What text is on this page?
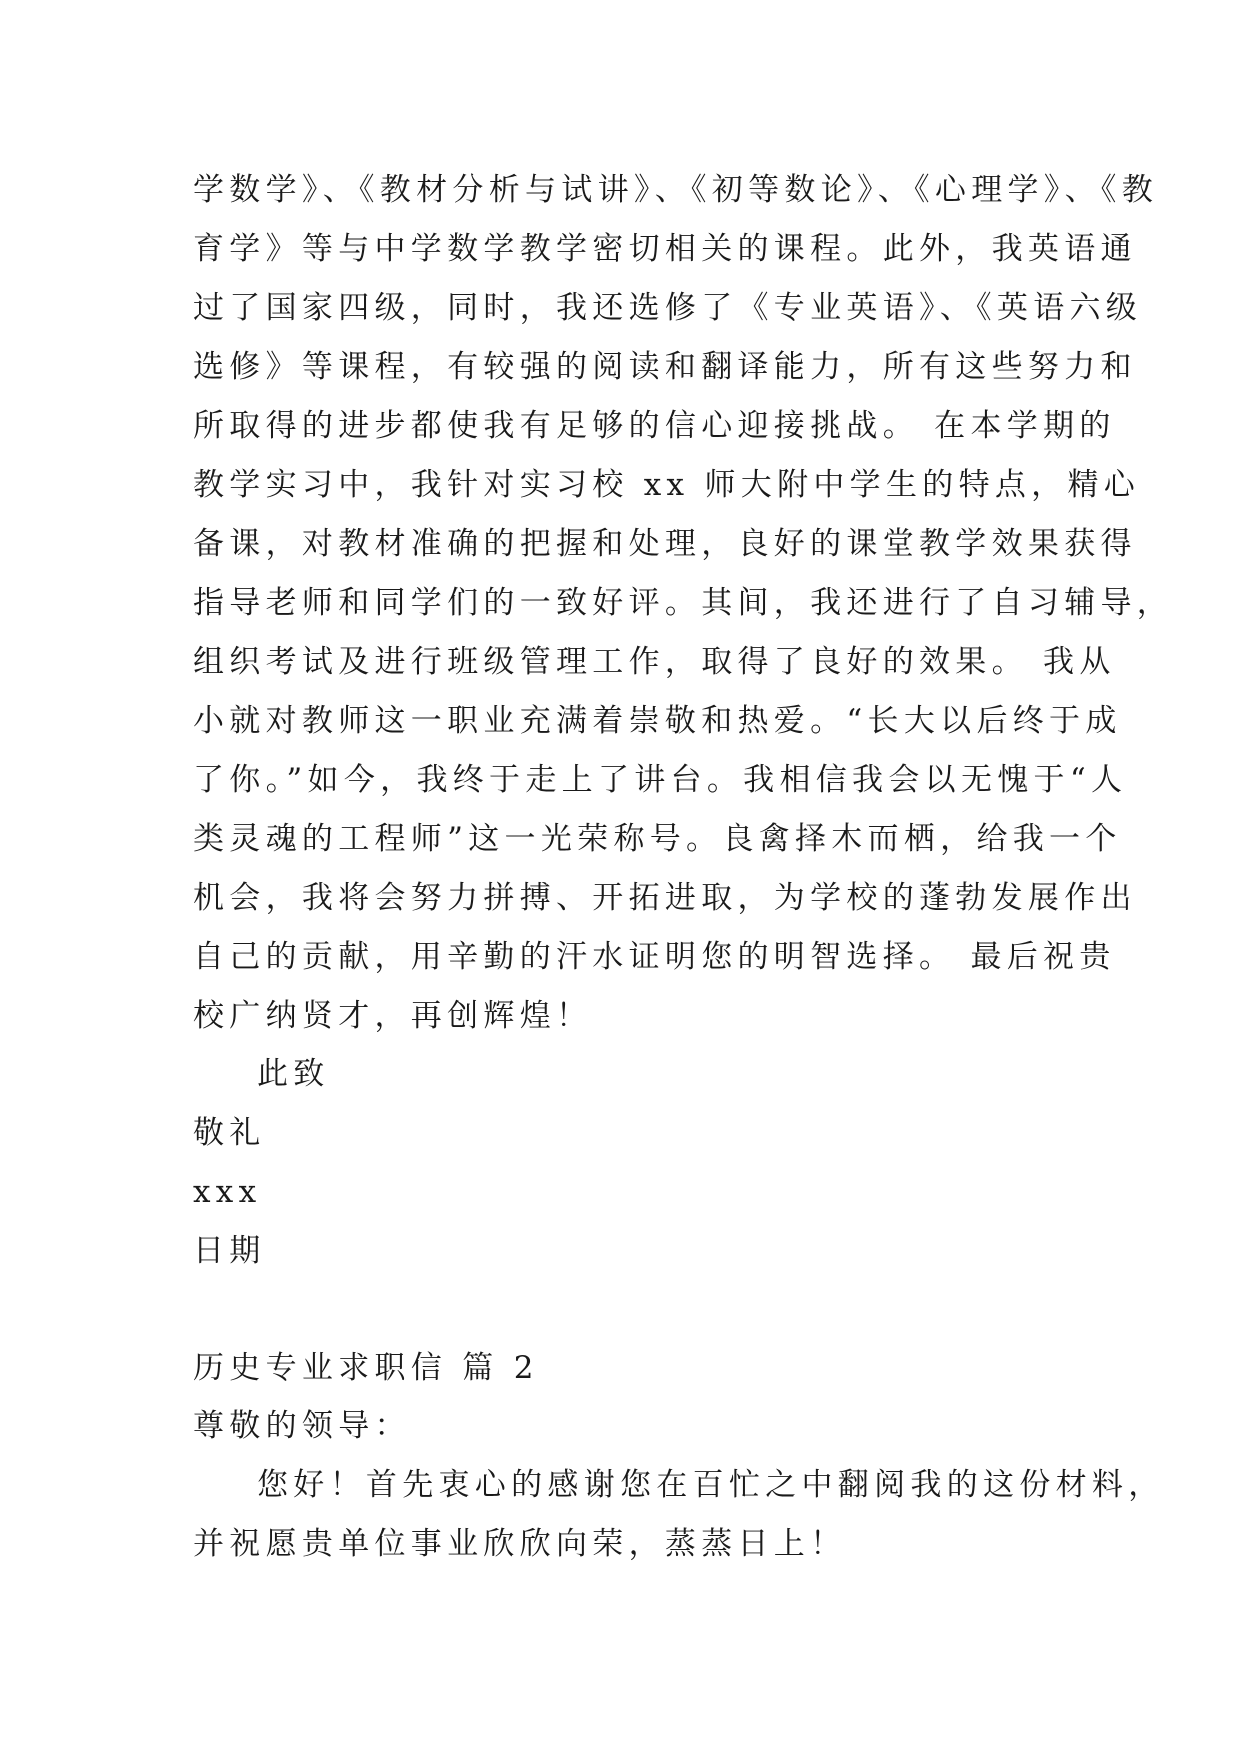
学数学》、《教材分析与试讲》、《初等数论》、《心理学》、《教
育学》等与中学数学教学密切相关的课程。此外，我英语通
过了国家四级，同时，我还选修了《专业英语》、《英语六级
选修》等课程，有较强的阅读和翻译能力，所有这些努力和
所取得的进步都使我有足够的信心迎接挑战。 在本学期的
教学实习中，我针对实习校 xx 师大附中学生的特点，精心
备课，对教材准确的把握和处理，良好的课堂教学效果获得
指导老师和同学们的一致好评。其间，我还进行了自习辅导，
组织考试及进行班级管理工作，取得了良好的效果。 我从
小就对教师这一职业充满着崇敬和热爱。“长大以后终于成
了你。”如今，我终于走上了讲台。我相信我会以无愧于“人
类灵魂的工程师”这一光荣称号。良禽择木而栖，给我一个
机会，我将会努力拼搏、开拓进取，为学校的蓬勃发展作出
自己的贡献，用辛勤的汗水证明您的明智选择。 最后祝贵
校广纳贤才，再创辉煌！
此致
敬礼
xxx
日期
历史专业求职信 篇 2
尊敬的领导：
您好！首先衷心的感谢您在百忙之中翻阅我的这份材料，
并祝愿贵单位事业欣欣向荣，蒸蒸日上！
